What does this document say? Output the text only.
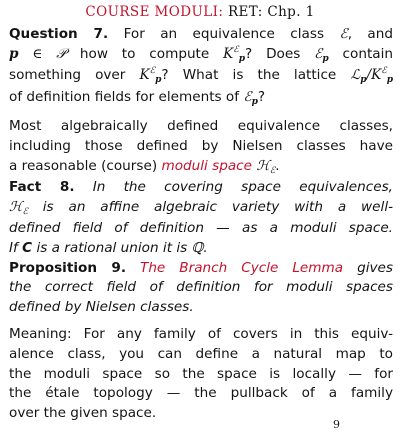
COURSE MODULI: RET: Chp. 1
Question 7. For an equivalence class ℰ, and
p ∈ 𝒫 how to compute $K^ℰ_p$? Does ℰ$_p$ contain
something over $K^ℰ_p$? What is the lattice $ℒ_p/K^ℰ_p$
of definition fields for elements of ℰ$_p$?
Most algebraically defined equivalence classes,
including those defined by Nielsen classes have
a reasonable (course) moduli space ℋ$_ℰ$.
Fact 8. In the covering space equivalences,
ℋ$_ℰ$ is an affine algebraic variety with a well-
defined field of definition — as a moduli space.
If C is a rational union it is ℚ.
Proposition 9. The Branch Cycle Lemma gives
the correct field of definition for moduli spaces
defined by Nielsen classes.
Meaning: For any family of covers in this equiv-
alence class, you can define a natural map to
the moduli space so the space is locally — for
the étale topology — the pullback of a family
over the given space.
9
